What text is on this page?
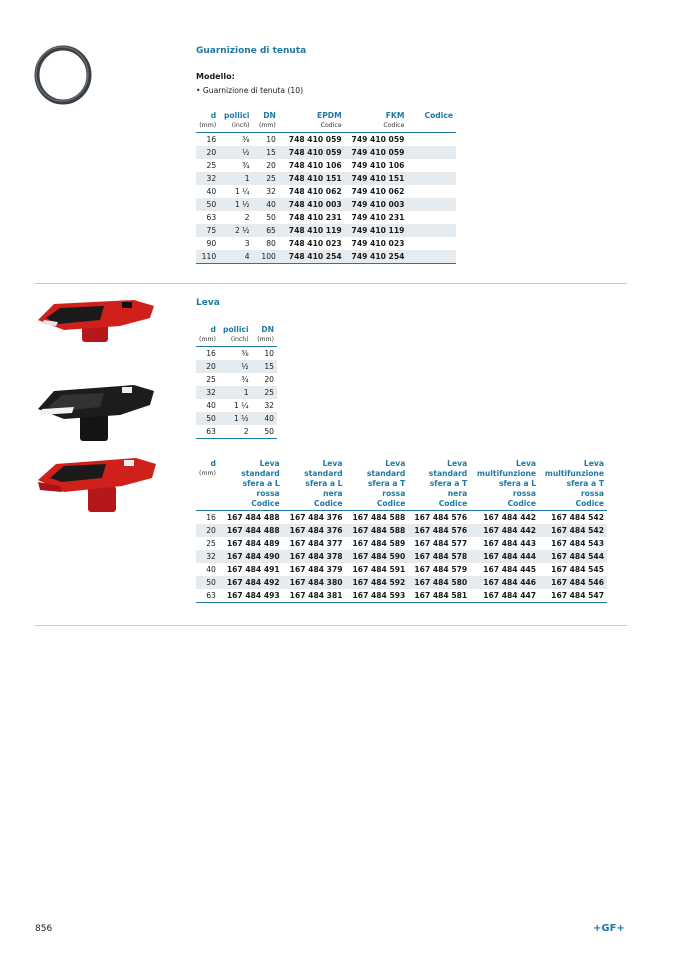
Guarnizione di tenuta
Modello:
• Guarnizione di tenuta (10)
d	pollici	DN	EPDM	FKM	Codice
(mm)	(inch)	(mm)	Codice	Codice	
16	⅜	10	748 410 059	749 410 059	
20	½	15	748 410 059	749 410 059	
25	¾	20	748 410 106	749 410 106	
32	1	25	748 410 151	749 410 151	
40	1 ¼	32	748 410 062	749 410 062	
50	1 ½	40	748 410 003	749 410 003	
63	2	50	748 410 231	749 410 231	
75	2 ½	65	748 410 119	749 410 119	
90	3	80	748 410 023	749 410 023	
110	4	100	748 410 254	749 410 254	
Leva
d	pollici	DN
(mm)	(inch)	(mm)
16	⅜	10
20	½	15
25	¾	20
32	1	25
40	1 ¼	32
50	1 ½	40
63	2	50
d	Leva	Leva	Leva	Leva	Leva	Leva
(mm)	standard	standard	standard	standard	multifunzione	multifunzione
	sfera a L	sfera a L	sfera a T	sfera a T	sfera a L	sfera a T
	rossa	nera	rossa	nera	rossa	rossa
	Codice	Codice	Codice	Codice	Codice	Codice
16	167 484 488	167 484 376	167 484 588	167 484 576	167 484 442	167 484 542
20	167 484 488	167 484 376	167 484 588	167 484 576	167 484 442	167 484 542
25	167 484 489	167 484 377	167 484 589	167 484 577	167 484 443	167 484 543
32	167 484 490	167 484 378	167 484 590	167 484 578	167 484 444	167 484 544
40	167 484 491	167 484 379	167 484 591	167 484 579	167 484 445	167 484 545
50	167 484 492	167 484 380	167 484 592	167 484 580	167 484 446	167 484 546
63	167 484 493	167 484 381	167 484 593	167 484 581	167 484 447	167 484 547
856	+GF+
